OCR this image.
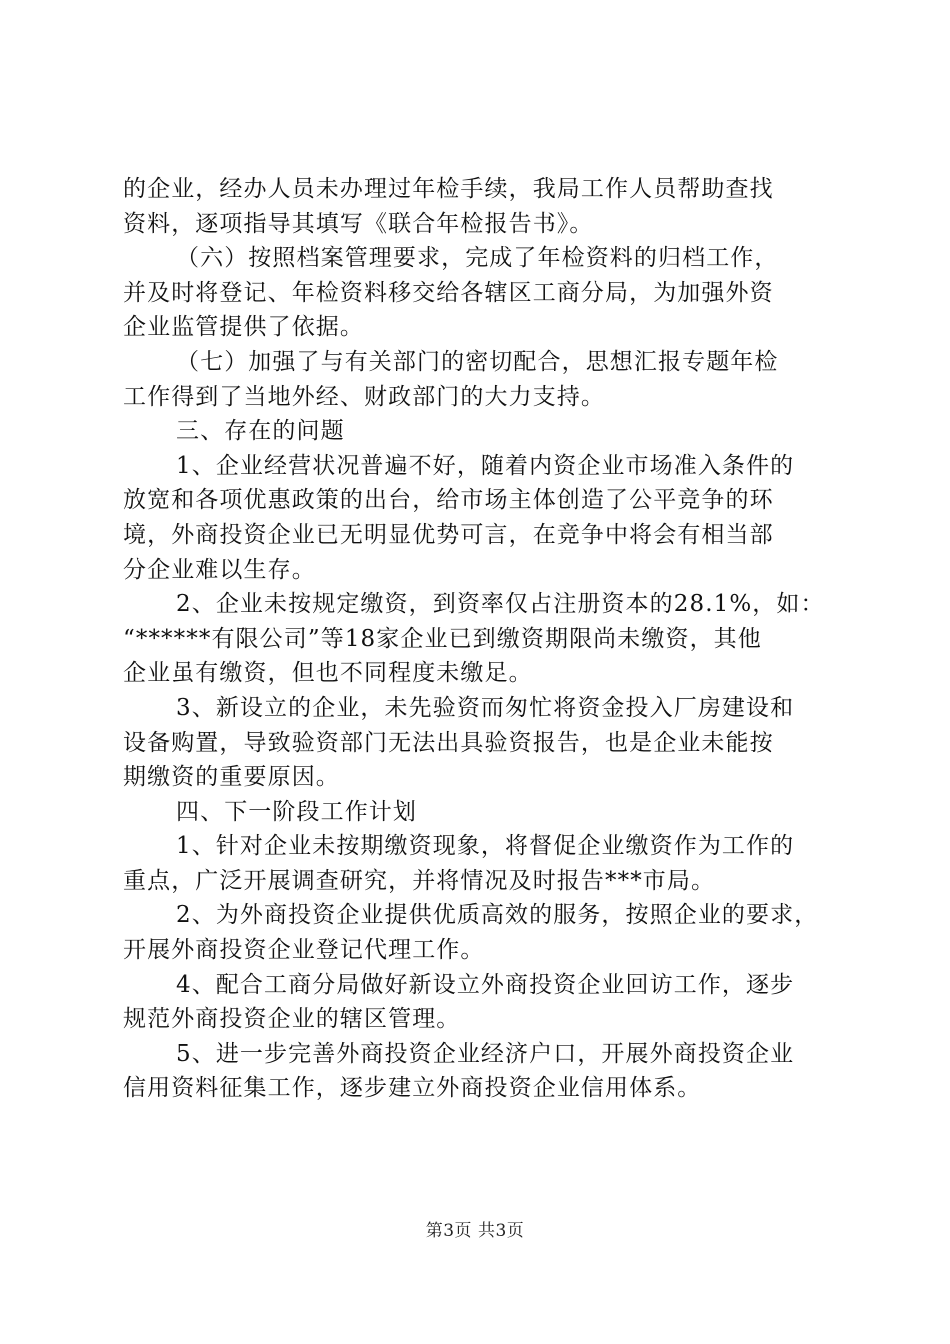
的企业，经办人员未办理过年检手续，我局工作人员帮助查找
资料，逐项指导其填写《联合年检报告书》。
（六）按照档案管理要求，完成了年检资料的归档工作，
并及时将登记、年检资料移交给各辖区工商分局，为加强外资
企业监管提供了依据。
（七）加强了与有关部门的密切配合，思想汇报专题年检
工作得到了当地外经、财政部门的大力支持。
三、存在的问题
1、企业经营状况普遍不好，随着内资企业市场准入条件的
放宽和各项优惠政策的出台，给市场主体创造了公平竞争的环
境，外商投资企业已无明显优势可言，在竞争中将会有相当部
分企业难以生存。
2、企业未按规定缴资，到资率仅占注册资本的28.1%，如：
“******有限公司”等18家企业已到缴资期限尚未缴资，其他
企业虽有缴资，但也不同程度未缴足。
3、新设立的企业，未先验资而匆忙将资金投入厂房建设和
设备购置，导致验资部门无法出具验资报告，也是企业未能按
期缴资的重要原因。
四、下一阶段工作计划
1、针对企业未按期缴资现象，将督促企业缴资作为工作的
重点，广泛开展调查研究，并将情况及时报告***市局。
2、为外商投资企业提供优质高效的服务，按照企业的要求，
开展外商投资企业登记代理工作。
4、配合工商分局做好新设立外商投资企业回访工作，逐步
规范外商投资企业的辖区管理。
5、进一步完善外商投资企业经济户口，开展外商投资企业
信用资料征集工作，逐步建立外商投资企业信用体系。
第3页 共3页
